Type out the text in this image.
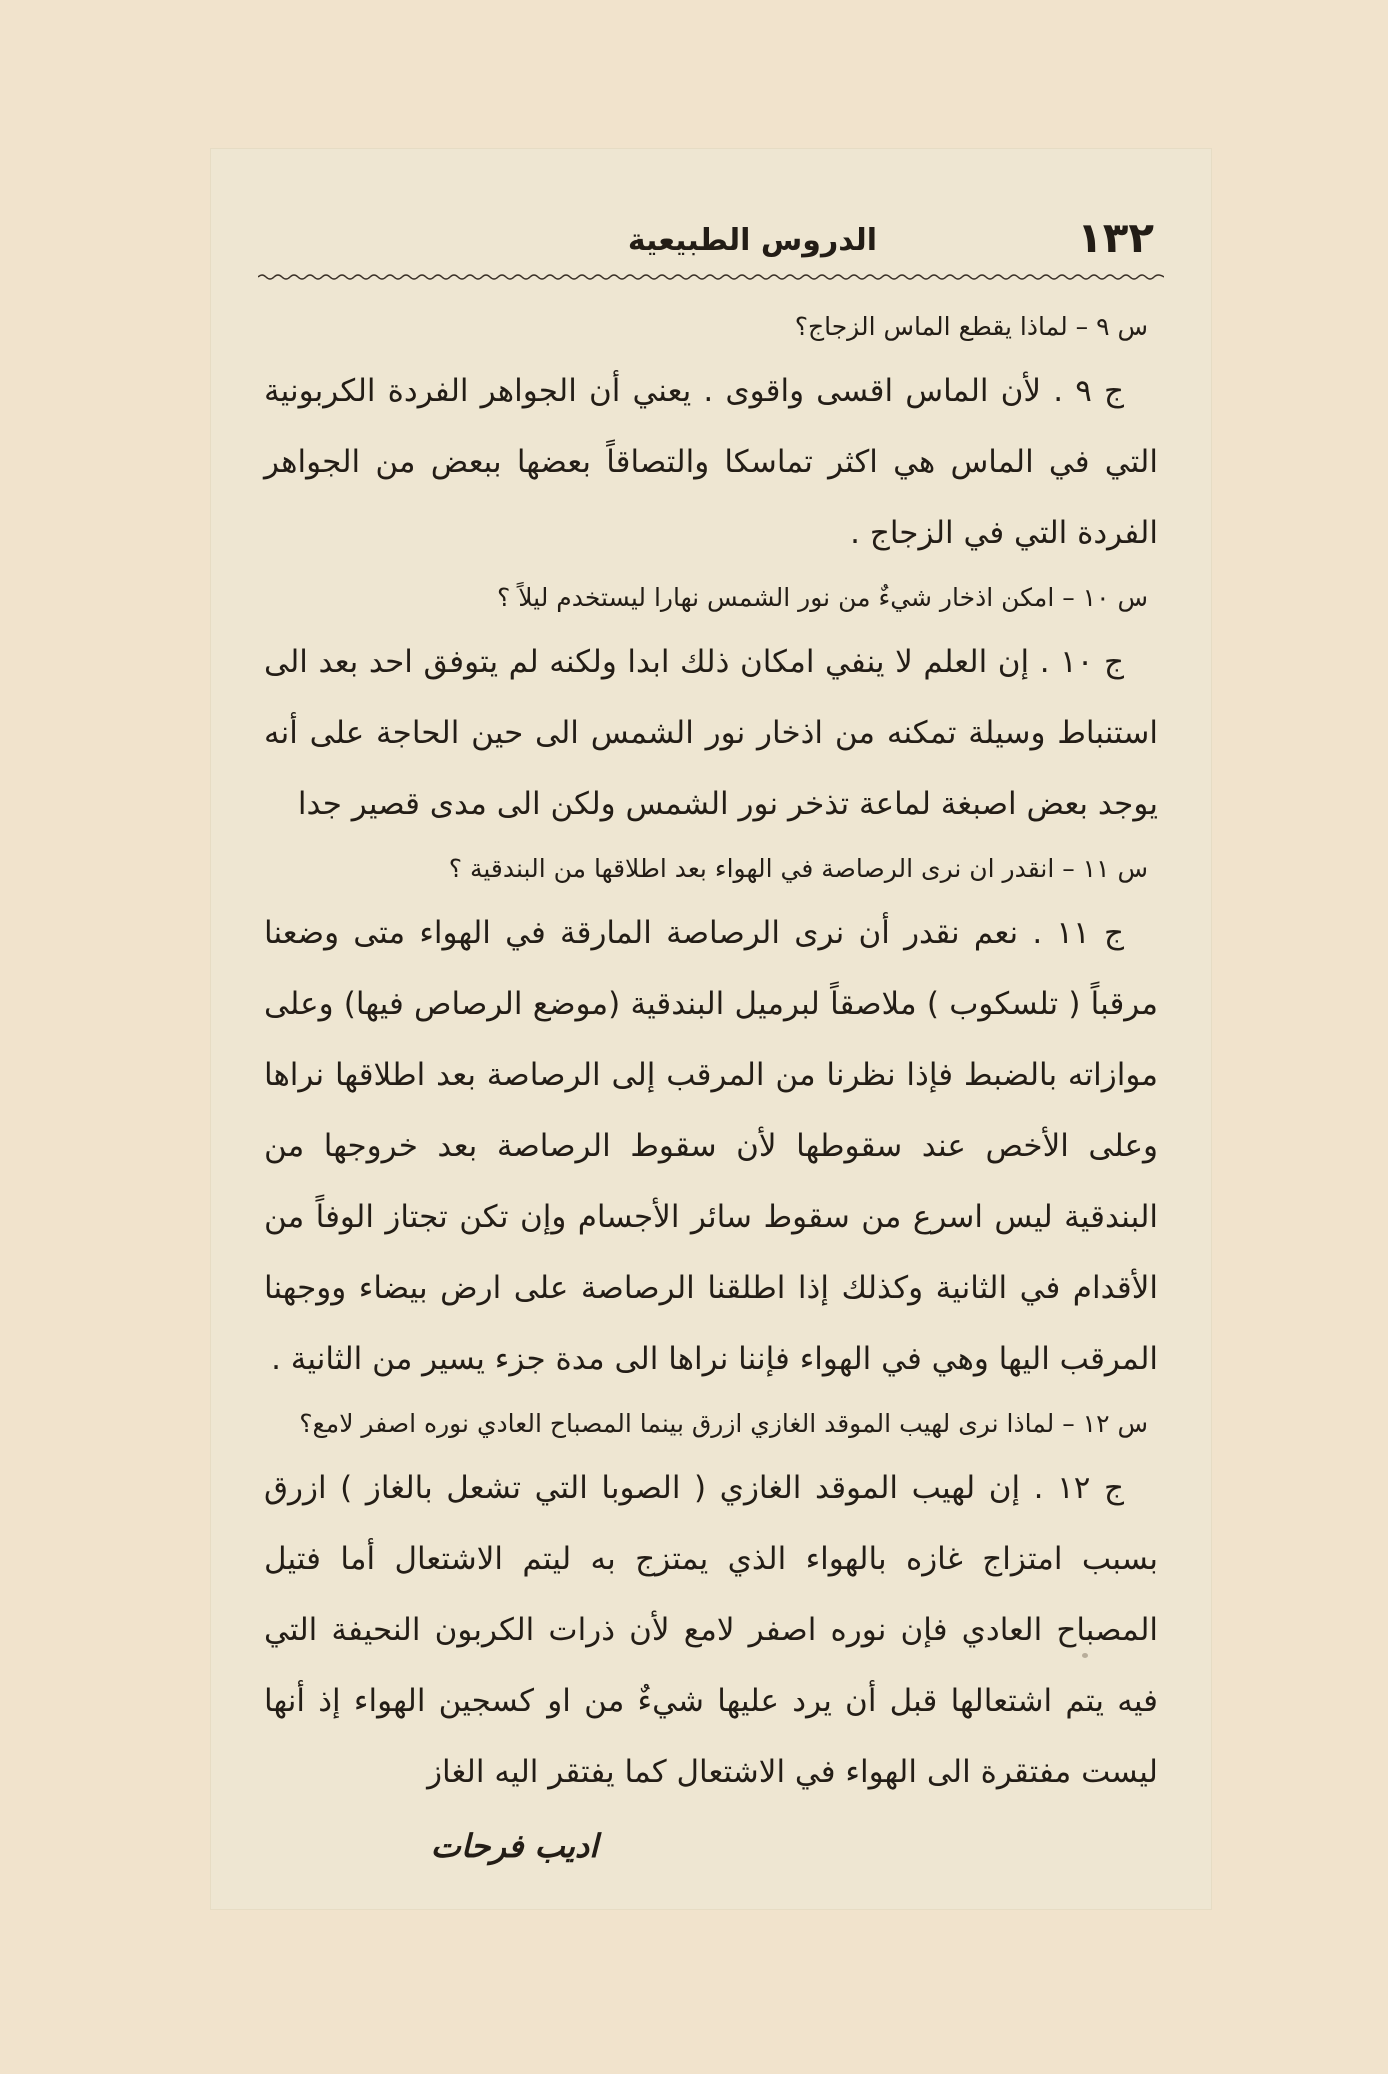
١٣٢
الدروس الطبيعية
س ٩ – لماذا يقطع الماس الزجاج؟
ج ٩ . لأن الماس اقسى واقوى . يعني أن الجواهر الفردة الكربونية التي في الماس هي اكثر تماسكا والتصاقاً بعضها ببعض من الجواهر الفردة التي في الزجاج .
س ١٠ – امكن اذخار شيءٌ من نور الشمس نهارا ليستخدم ليلاً ؟
ج ١٠ . إن العلم لا ينفي امكان ذلك ابدا ولكنه لم يتوفق احد بعد الى استنباط وسيلة تمكنه من اذخار نور الشمس الى حين الحاجة على أنه يوجد بعض اصبغة لماعة تذخر نور الشمس ولكن الى مدى قصير جدا
س ١١ – انقدر ان نرى الرصاصة في الهواء بعد اطلاقها من البندقية ؟
ج ١١ . نعم نقدر أن نرى الرصاصة المارقة في الهواء متى وضعنا مرقباً ( تلسكوب ) ملاصقاً لبرميل البندقية (موضع الرصاص فيها) وعلى موازاته بالضبط فإذا نظرنا من المرقب إلى الرصاصة بعد اطلاقها نراها وعلى الأخص عند سقوطها لأن سقوط الرصاصة بعد خروجها من البندقية ليس اسرع من سقوط سائر الأجسام وإن تكن تجتاز الوفاً من الأقدام في الثانية وكذلك إذا اطلقنا الرصاصة على ارض بيضاء ووجهنا المرقب اليها وهي في الهواء فإننا نراها الى مدة جزء يسير من الثانية .
س ١٢ – لماذا نرى لهيب الموقد الغازي ازرق بينما المصباح العادي نوره اصفر لامع؟
ج ١٢ . إن لهيب الموقد الغازي ( الصوبا التي تشعل بالغاز ) ازرق بسبب امتزاج غازه بالهواء الذي يمتزج به ليتم الاشتعال أما فتيل المصباح العادي فإن نوره اصفر لامع لأن ذرات الكربون النحيفة التي فيه يتم اشتعالها قبل أن يرد عليها شيءٌ من او كسجين الهواء إذ أنها ليست مفتقرة الى الهواء في الاشتعال كما يفتقر اليه الغاز
اديب فرحات
